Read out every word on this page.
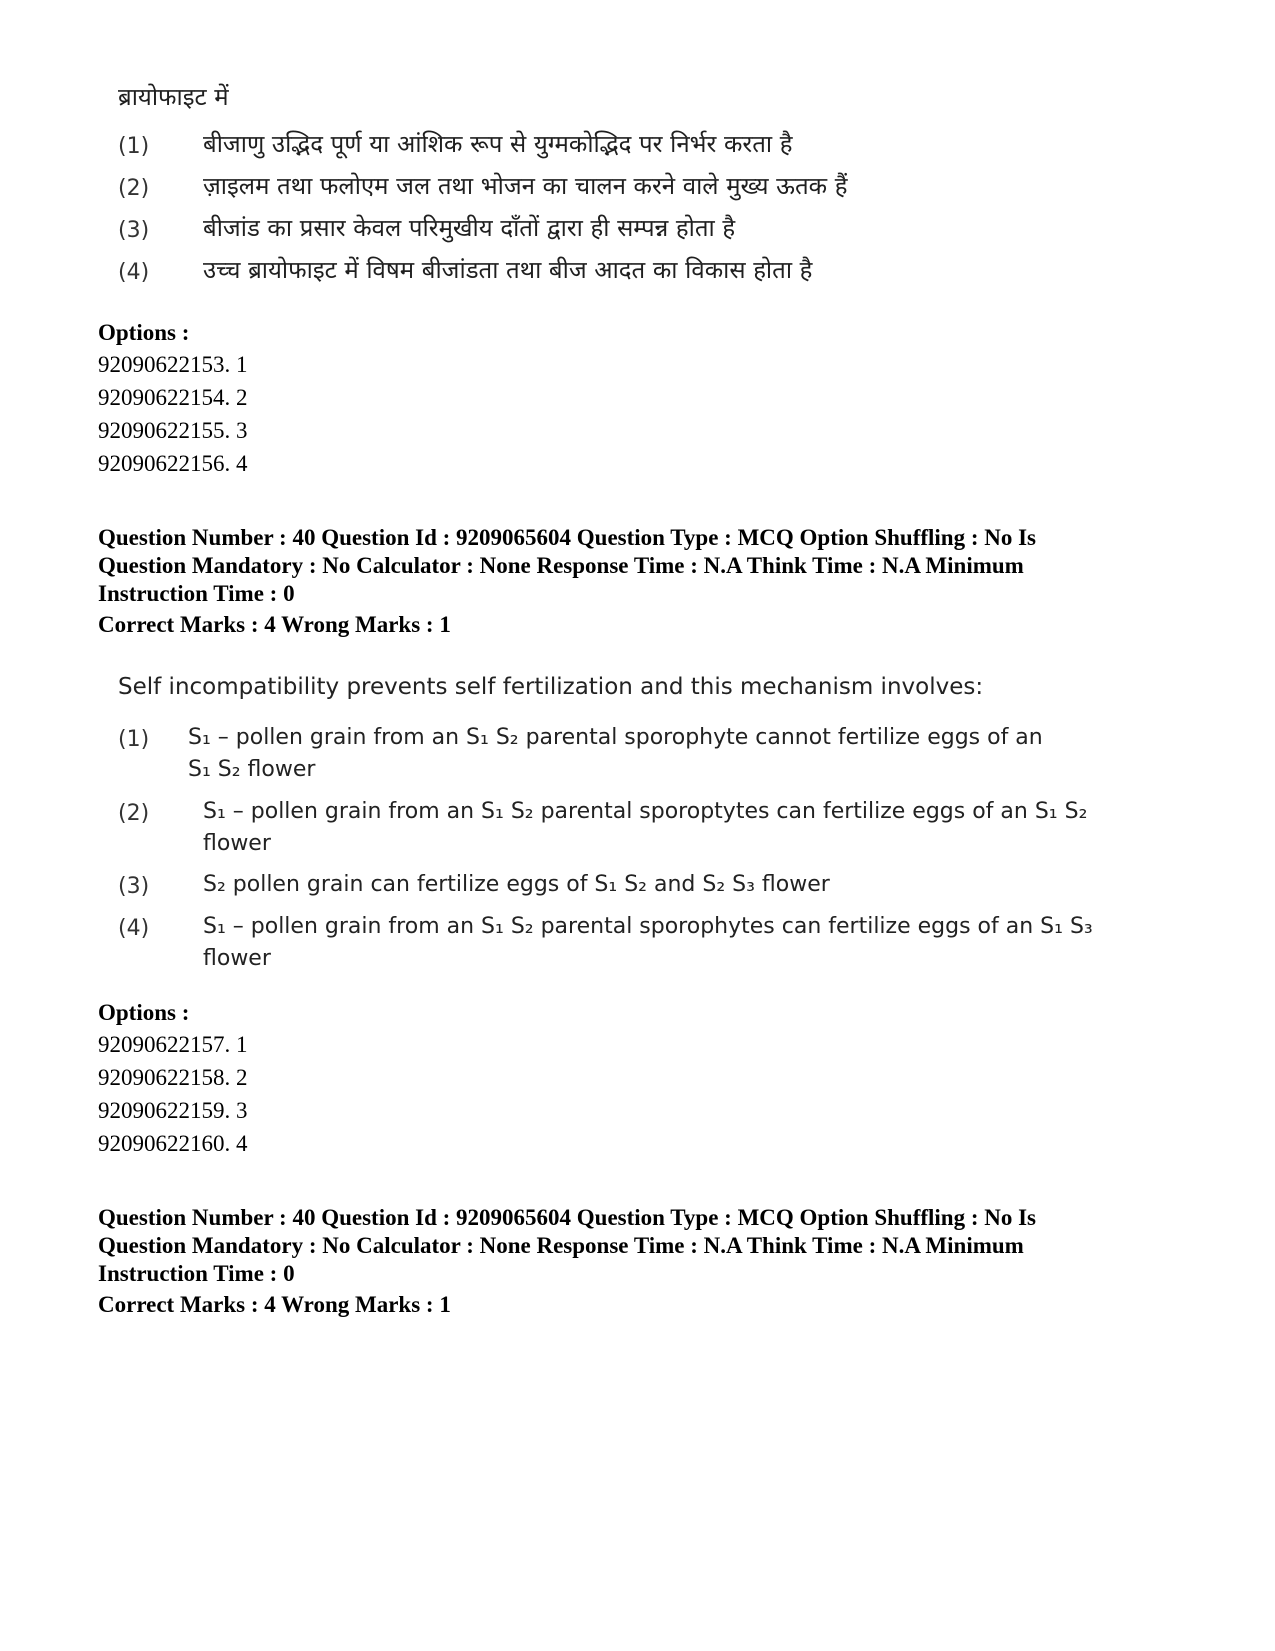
ब्रायोफाइट में
(1) बीजाणु उद्भिद पूर्ण या आंशिक रूप से युग्मकोद्भिद पर निर्भर करता है
(2) ज़ाइलम तथा फलोएम जल तथा भोजन का चालन करने वाले मुख्य ऊतक हैं
(3) बीजांड का प्रसार केवल परिमुखीय दाँतों द्वारा ही सम्पन्न होता है
(4) उच्च ब्रायोफाइट में विषम बीजांडता तथा बीज आदत का विकास होता है
Options :
92090622153. 1
92090622154. 2
92090622155. 3
92090622156. 4
Question Number : 40 Question Id : 9209065604 Question Type : MCQ Option Shuffling : No Is
Question Mandatory : No Calculator : None Response Time : N.A Think Time : N.A Minimum
Instruction Time : 0
Correct Marks : 4 Wrong Marks : 1
Self incompatibility prevents self fertilization and this mechanism involves:
(1) S₁ – pollen grain from an S₁ S₂ parental sporophyte cannot fertilize eggs of an
S₁ S₂ flower
(2) S₁ – pollen grain from an S₁ S₂ parental sporoptytes can fertilize eggs of an S₁ S₂
flower
(3) S₂ pollen grain can fertilize eggs of S₁ S₂ and S₂ S₃ flower
(4) S₁ – pollen grain from an S₁ S₂ parental sporophytes can fertilize eggs of an S₁ S₃
flower
Options :
92090622157. 1
92090622158. 2
92090622159. 3
92090622160. 4
Question Number : 40 Question Id : 9209065604 Question Type : MCQ Option Shuffling : No Is
Question Mandatory : No Calculator : None Response Time : N.A Think Time : N.A Minimum
Instruction Time : 0
Correct Marks : 4 Wrong Marks : 1
